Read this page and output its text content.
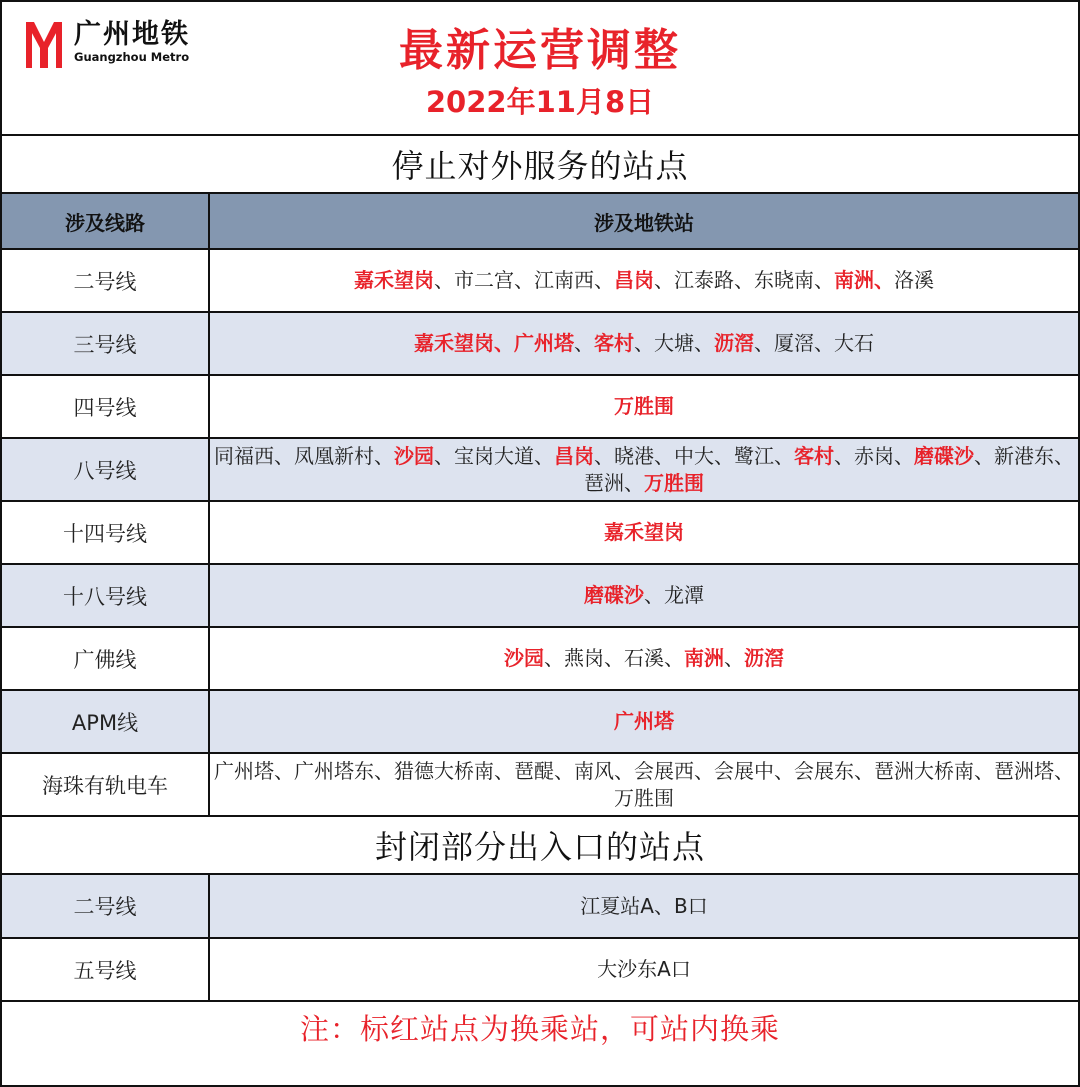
广州地铁
Guangzhou Metro	最新运营调整
2022年11月8日
停止对外服务的站点
涉及线路	涉及地铁站
二号线	嘉禾望岗、市二宫、江南西、昌岗、江泰路、东晓南、南洲、洛溪
三号线	嘉禾望岗、广州塔、客村、大塘、沥滘、厦滘、大石
四号线	万胜围
八号线	同福西、凤凰新村、沙园、宝岗大道、昌岗、晓港、中大、鹭江、客村、赤岗、磨碟沙、新港东、琶洲、万胜围
十四号线	嘉禾望岗
十八号线	磨碟沙、龙潭
广佛线	沙园、燕岗、石溪、南洲、沥滘
APM线	广州塔
海珠有轨电车	广州塔、广州塔东、猎德大桥南、琶醍、南风、会展西、会展中、会展东、琶洲大桥南、琶洲塔、万胜围
封闭部分出入口的站点
二号线	江夏站A、B口
五号线	大沙东A口
注：标红站点为换乘站，可站内换乘
